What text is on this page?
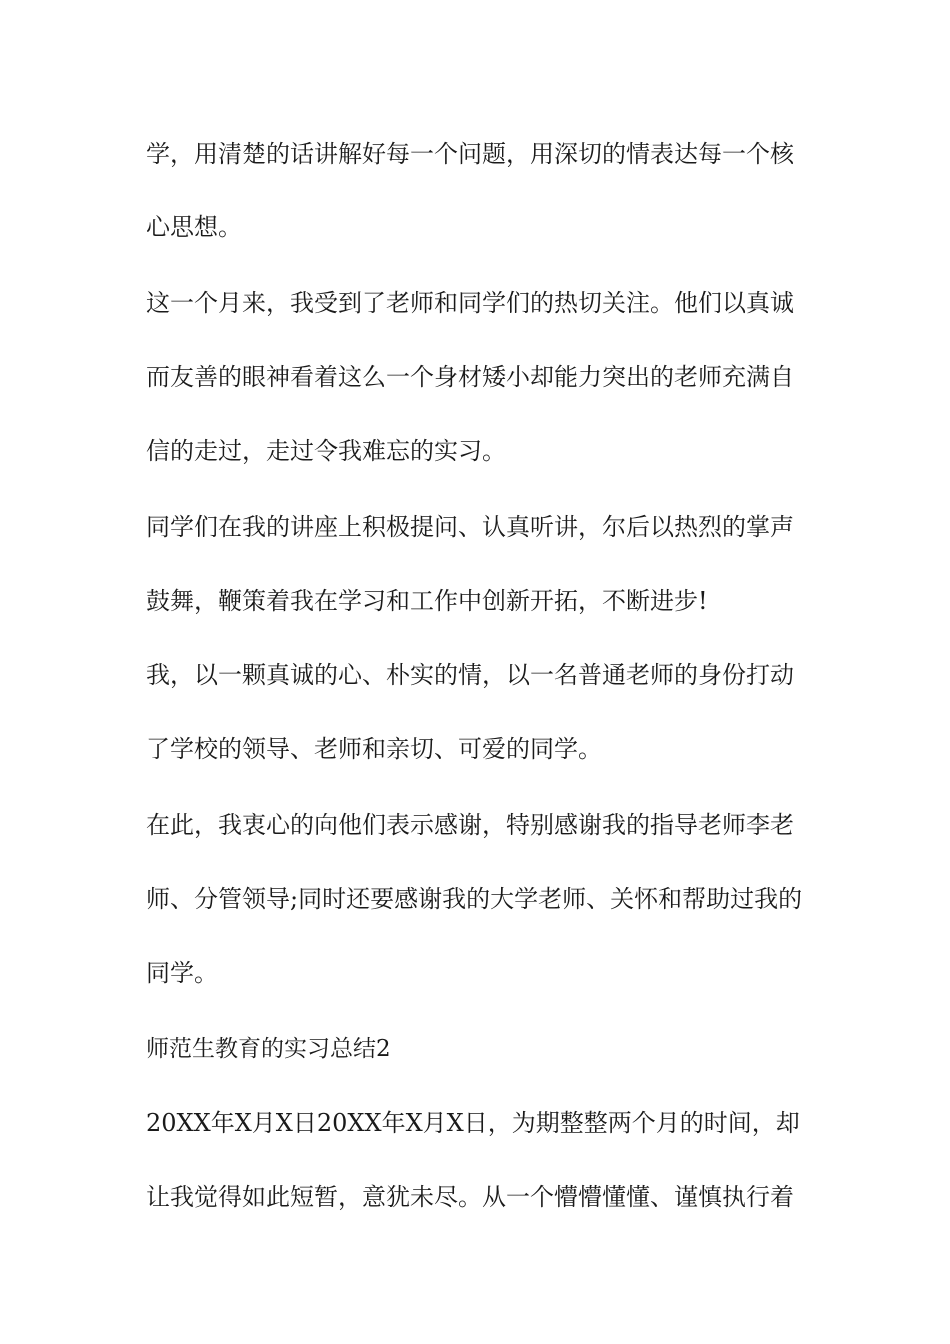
学，用清楚的话讲解好每一个问题，用深切的情表达每一个核
心思想。
这一个月来，我受到了老师和同学们的热切关注。他们以真诚
而友善的眼神看着这么一个身材矮小却能力突出的老师充满自
信的走过，走过令我难忘的实习。
同学们在我的讲座上积极提问、认真听讲，尔后以热烈的掌声
鼓舞，鞭策着我在学习和工作中创新开拓，不断进步!
我，以一颗真诚的心、朴实的情，以一名普通老师的身份打动
了学校的领导、老师和亲切、可爱的同学。
在此，我衷心的向他们表示感谢，特别感谢我的指导老师李老
师、分管领导;同时还要感谢我的大学老师、关怀和帮助过我的
同学。
师范生教育的实习总结2
20XX年X月X日20XX年X月X日，为期整整两个月的时间，却
让我觉得如此短暂，意犹未尽。从一个懵懵懂懂、谨慎执行着
